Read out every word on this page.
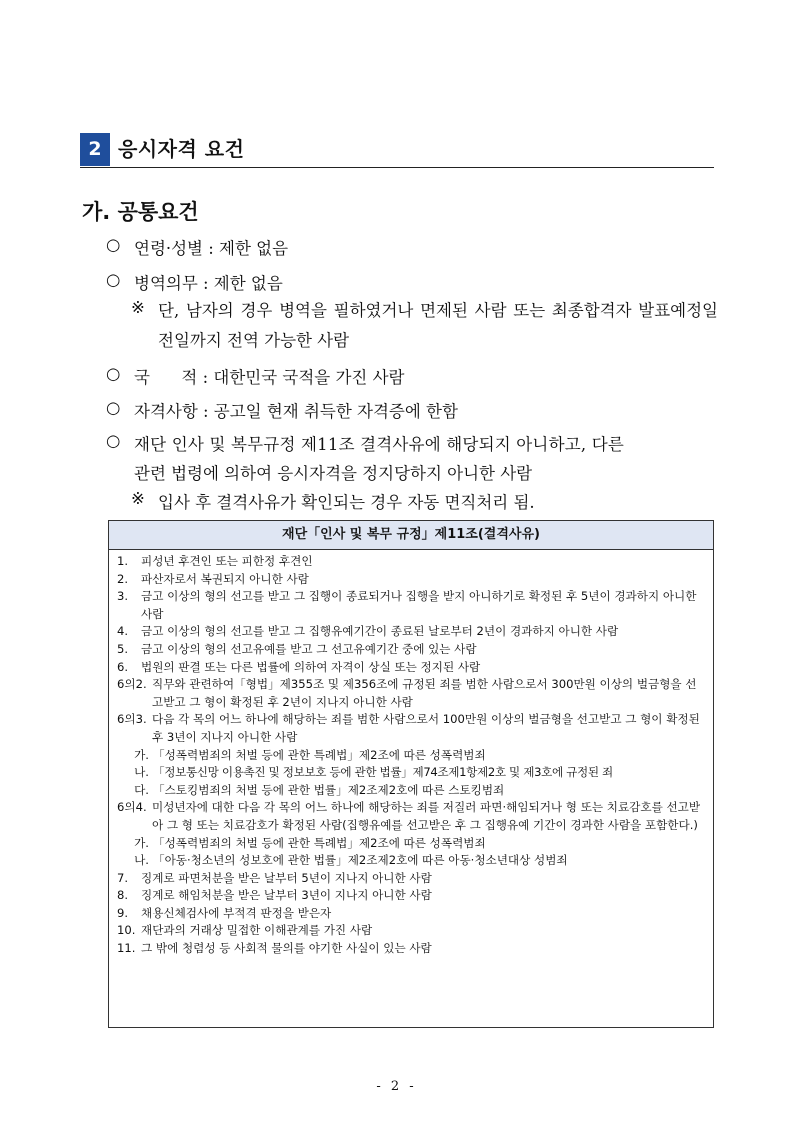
2 응시자격 요건
가. 공통요건
○ 연령·성별 : 제한 없음
○ 병역의무 : 제한 없음
※ 단, 남자의 경우 병역을 필하였거나 면제된 사람 또는 최종합격자 발표예정일 전일까지 전역 가능한 사람
○ 국      적 : 대한민국 국적을 가진 사람
○ 자격사항 : 공고일 현재 취득한 자격증에 한함
○ 재단 인사 및 복무규정 제11조 결격사유에 해당되지 아니하고, 다른
관련 법령에 의하여 응시자격을 정지당하지 아니한 사람
※ 입사 후 결격사유가 확인되는 경우 자동 면직처리 됨.
재단「인사 및 복무 규정」제11조(결격사유)
1.	피성년 후견인 또는 피한정 후견인
2.	파산자로서 복권되지 아니한 사람
3.	금고 이상의 형의 선고를 받고 그 집행이 종료되거나 집행을 받지 아니하기로 확정된 후 5년이 경과하지 아니한 사람
4.	금고 이상의 형의 선고를 받고 그 집행유예기간이 종료된 날로부터 2년이 경과하지 아니한 사람
5.	금고 이상의 형의 선고유예를 받고 그 선고유예기간 중에 있는 사람
6.	법원의 판결 또는 다른 법률에 의하여 자격이 상실 또는 정지된 사람
6의2. 직무와 관련하여「형법」제355조 및 제356조에 규정된 죄를 범한 사람으로서 300만원 이상의 벌금형을 선고받고 그 형이 확정된 후 2년이 지나지 아니한 사람
6의3. 다음 각 목의 어느 하나에 해당하는 죄를 범한 사람으로서 100만원 이상의 벌금형을 선고받고 그 형이 확정된 후 3년이 지나지 아니한 사람
가. 「성폭력범죄의 처벌 등에 관한 특례법」제2조에 따른 성폭력범죄
나. 「정보통신망 이용촉진 및 정보보호 등에 관한 법률」제74조제1항제2호 및 제3호에 규정된 죄
다. 「스토킹범죄의 처벌 등에 관한 법률」제2조제2호에 따른 스토킹범죄
6의4. 미성년자에 대한 다음 각 목의 어느 하나에 해당하는 죄를 저질러 파면·해임되거나 형 또는 치료감호를 선고받아 그 형 또는 치료감호가 확정된 사람(집행유예를 선고받은 후 그 집행유예 기간이 경과한 사람을 포함한다.)
가. 「성폭력범죄의 처벌 등에 관한 특례법」제2조에 따른 성폭력범죄
나. 「아동·청소년의 성보호에 관한 법률」제2조제2호에 따른 아동·청소년대상 성범죄
7.	징계로 파면처분을 받은 날부터 5년이 지나지 아니한 사람
8.	징계로 해임처분을 받은 날부터 3년이 지나지 아니한 사람
9.	채용신체검사에 부적격 판정을 받은자
10. 재단과의 거래상 밀접한 이해관계를 가진 사람
11. 그 밖에 청렴성 등 사회적 물의를 야기한 사실이 있는 사람
- 2 -
